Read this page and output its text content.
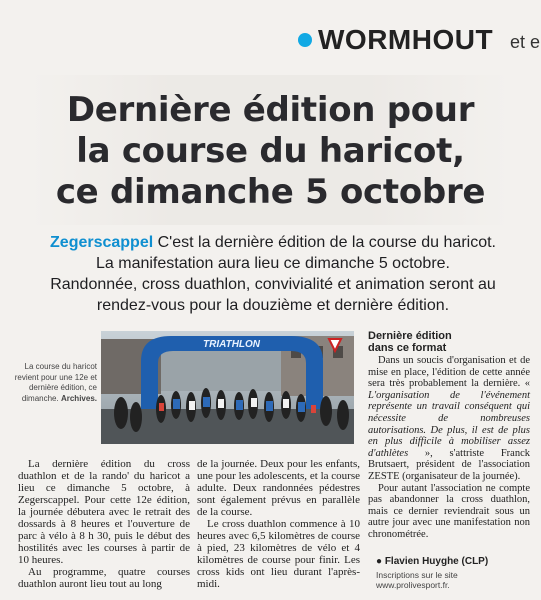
WORMHOUT et e
Dernière édition pour
la course du haricot,
ce dimanche 5 octobre
Zegerscappel C'est la dernière édition de la course du haricot.
La manifestation aura lieu ce dimanche 5 octobre.
Randonnée, cross duathlon, convivialité et animation seront au
rendez-vous pour la douzième et dernière édition.
La course du haricot revient pour une 12e et dernière édition, ce dimanche. Archives.
TRIATHLON
Dernière édition
dans ce format

Dans un soucis d'organisation et de mise en place, l'édition de cette année sera très probablement la dernière. « L'organisation de l'événement représente un travail conséquent qui nécessite de nombreuses autorisations. De plus, il est de plus en plus difficile à mobiliser assez d'athlètes », s'attriste Franck Brutsaert, président de l'association ZESTE (organisateur de la journée).

Pour autant l'association ne compte pas abandonner la cross duathlon, mais ce dernier reviendrait sous un autre jour avec une manifestation non chronométrée.

La dernière édition du cross duathlon et de la rando' du haricot a lieu ce dimanche 5 octobre, à Zegerscappel. Pour cette 12e édition, la journée débutera avec le retrait des dossards à 8 heures et l'ouverture de parc à vélo à 8 h 30, puis le début des hostilités avec les courses à partir de 10 heures.

Au programme, quatre courses duathlon auront lieu tout au long

de la journée. Deux pour les enfants, une pour les adolescents, et la course adulte. Deux randonnées pédestres sont également prévus en parallèle de la course.

Le cross duathlon commence à 10 heures avec 6,5 kilomètres de course à pied, 23 kilomètres de vélo et 4 kilomètres de course pour finir. Les cross kids ont lieu durant l'après-midi.

● Flavien Huyghe (CLP)
Inscriptions sur le site
www.prolivesport.fr.
